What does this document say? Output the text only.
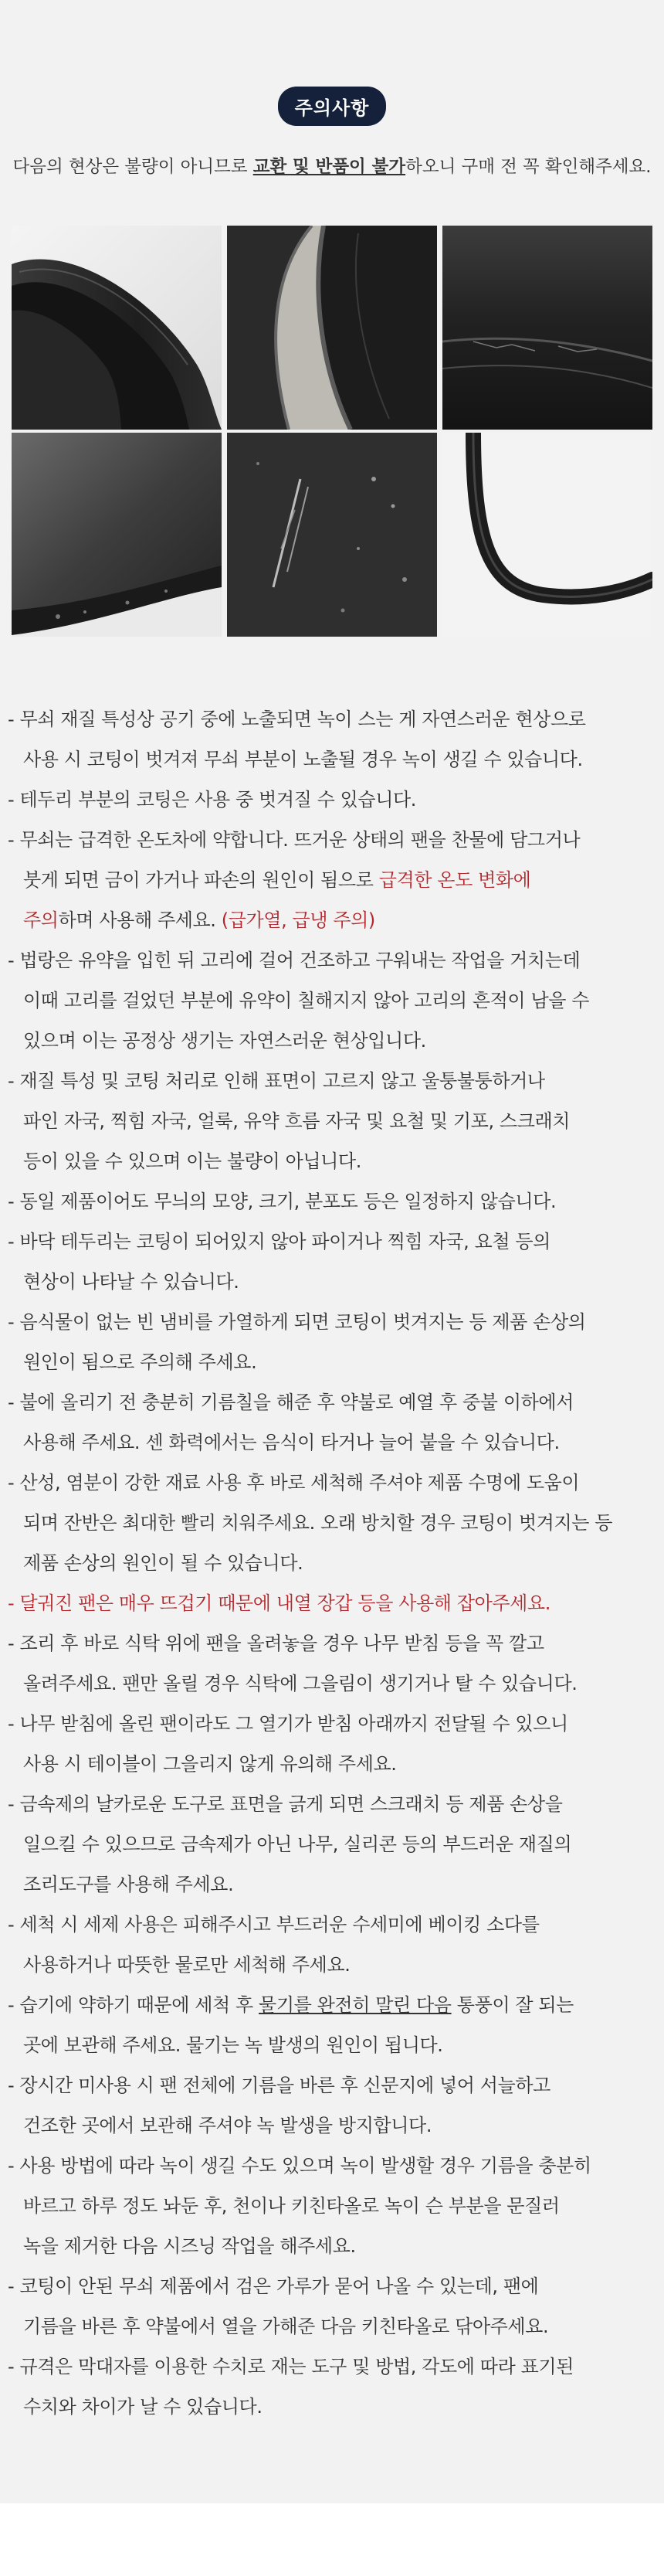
주의사항
다음의 현상은 불량이 아니므로 교환 및 반품이 불가하오니 구매 전 꼭 확인해주세요.
- 무쇠 재질 특성상 공기 중에 노출되면 녹이 스는 게 자연스러운 현상으로
사용 시 코팅이 벗겨져 무쇠 부분이 노출될 경우 녹이 생길 수 있습니다.
- 테두리 부분의 코팅은 사용 중 벗겨질 수 있습니다.
- 무쇠는 급격한 온도차에 약합니다. 뜨거운 상태의 팬을 찬물에 담그거나
붓게 되면 금이 가거나 파손의 원인이 됨으로 급격한 온도 변화에
주의하며 사용해 주세요. (급가열, 급냉 주의)
- 법랑은 유약을 입힌 뒤 고리에 걸어 건조하고 구워내는 작업을 거치는데
이때 고리를 걸었던 부분에 유약이 칠해지지 않아 고리의 흔적이 남을 수
있으며 이는 공정상 생기는 자연스러운 현상입니다.
- 재질 특성 및 코팅 처리로 인해 표면이 고르지 않고 울퉁불퉁하거나
파인 자국, 찍힘 자국, 얼룩, 유약 흐름 자국 및 요철 및 기포, 스크래치
등이 있을 수 있으며 이는 불량이 아닙니다.
- 동일 제품이어도 무늬의 모양, 크기, 분포도 등은 일정하지 않습니다.
- 바닥 테두리는 코팅이 되어있지 않아 파이거나 찍힘 자국, 요철 등의
현상이 나타날 수 있습니다.
- 음식물이 없는 빈 냄비를 가열하게 되면 코팅이 벗겨지는 등 제품 손상의
원인이 됨으로 주의해 주세요.
- 불에 올리기 전 충분히 기름칠을 해준 후 약불로 예열 후 중불 이하에서
사용해 주세요. 센 화력에서는 음식이 타거나 늘어 붙을 수 있습니다.
- 산성, 염분이 강한 재료 사용 후 바로 세척해 주셔야 제품 수명에 도움이
되며 잔반은 최대한 빨리 치워주세요. 오래 방치할 경우 코팅이 벗겨지는 등
제품 손상의 원인이 될 수 있습니다.
- 달궈진 팬은 매우 뜨겁기 때문에 내열 장갑 등을 사용해 잡아주세요.
- 조리 후 바로 식탁 위에 팬을 올려놓을 경우 나무 받침 등을 꼭 깔고
올려주세요. 팬만 올릴 경우 식탁에 그을림이 생기거나 탈 수 있습니다.
- 나무 받침에 올린 팬이라도 그 열기가 받침 아래까지 전달될 수 있으니
사용 시 테이블이 그을리지 않게 유의해 주세요.
- 금속제의 날카로운 도구로 표면을 긁게 되면 스크래치 등 제품 손상을
일으킬 수 있으므로 금속제가 아닌 나무, 실리콘 등의 부드러운 재질의
조리도구를 사용해 주세요.
- 세척 시 세제 사용은 피해주시고 부드러운 수세미에 베이킹 소다를
사용하거나 따뜻한 물로만 세척해 주세요.
- 습기에 약하기 때문에 세척 후 물기를 완전히 말린 다음 통풍이 잘 되는
곳에 보관해 주세요. 물기는 녹 발생의 원인이 됩니다.
- 장시간 미사용 시 팬 전체에 기름을 바른 후 신문지에 넣어 서늘하고
건조한 곳에서 보관해 주셔야 녹 발생을 방지합니다.
- 사용 방법에 따라 녹이 생길 수도 있으며 녹이 발생할 경우 기름을 충분히
바르고 하루 정도 놔둔 후, 천이나 키친타올로 녹이 슨 부분을 문질러
녹을 제거한 다음 시즈닝 작업을 해주세요.
- 코팅이 안된 무쇠 제품에서 검은 가루가 묻어 나올 수 있는데, 팬에
기름을 바른 후 약불에서 열을 가해준 다음 키친타올로 닦아주세요.
- 규격은 막대자를 이용한 수치로 재는 도구 및 방법, 각도에 따라 표기된
수치와 차이가 날 수 있습니다.
